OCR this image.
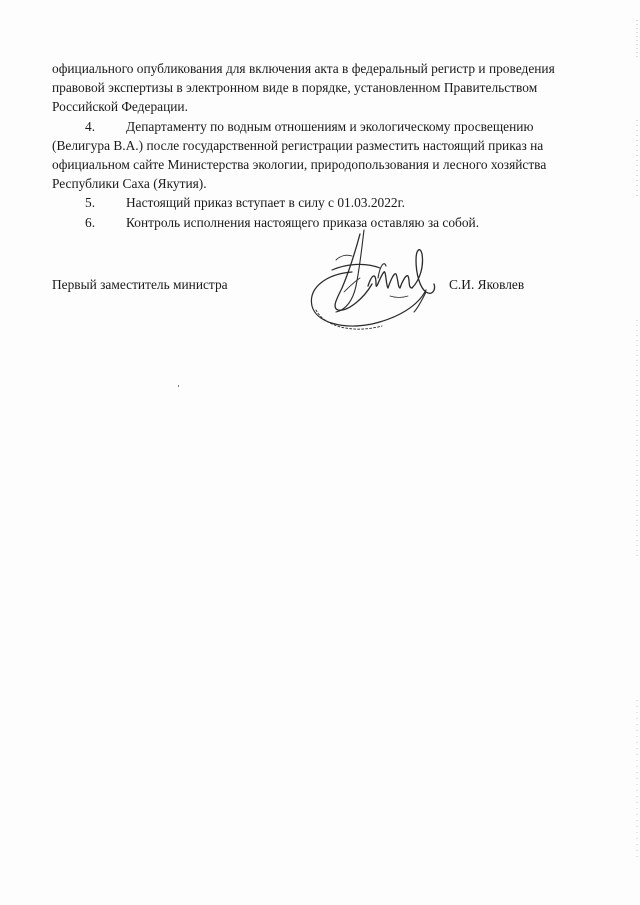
официального опубликования для включения акта в федеральный регистр и проведения

правовой экспертизы в электронном виде в порядке, установленном Правительством

Российской Федерации.

4.	Департаменту по водным отношениям и экологическому просвещению

(Велигура В.А.) после государственной регистрации разместить настоящий приказ на

официальном сайте Министерства экологии, природопользования и лесного хозяйства

Республики Саха (Якутия).

5.	Настоящий приказ вступает в силу с 01.03.2022г.
6.	Контроль исполнения настоящего приказа оставляю за собой.
Первый заместитель министра	С.И. Яковлев
